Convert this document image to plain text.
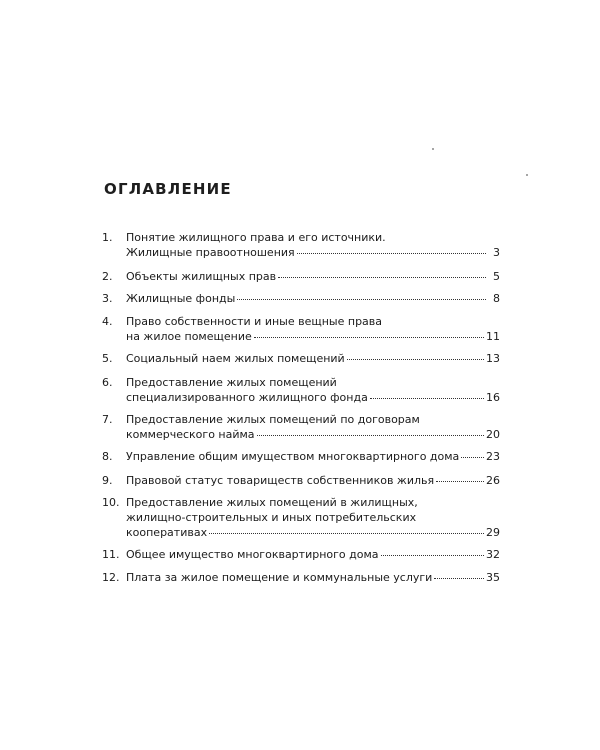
ОГЛАВЛЕНИЕ
1.	Понятие жилищного права и его источники.
Жилищные правоотношения	3
2.	Объекты жилищных прав	5
3.	Жилищные фонды	8
4.	Право собственности и иные вещные права
на жилое помещение	11
5.	Социальный наем жилых помещений	13
6.	Предоставление жилых помещений
специализированного жилищного фонда	16
7.	Предоставление жилых помещений по договорам
коммерческого найма	20
8.	Управление общим имуществом многоквартирного дома 23
9.	Правовой статус товариществ собственников жилья	26
10. Предоставление жилых помещений в жилищных,
жилищно-строительных и иных потребительских
кооперативах	29
11. Общее имущество многоквартирного дома	32
12. Плата за жилое помещение и коммунальные услуги	35
